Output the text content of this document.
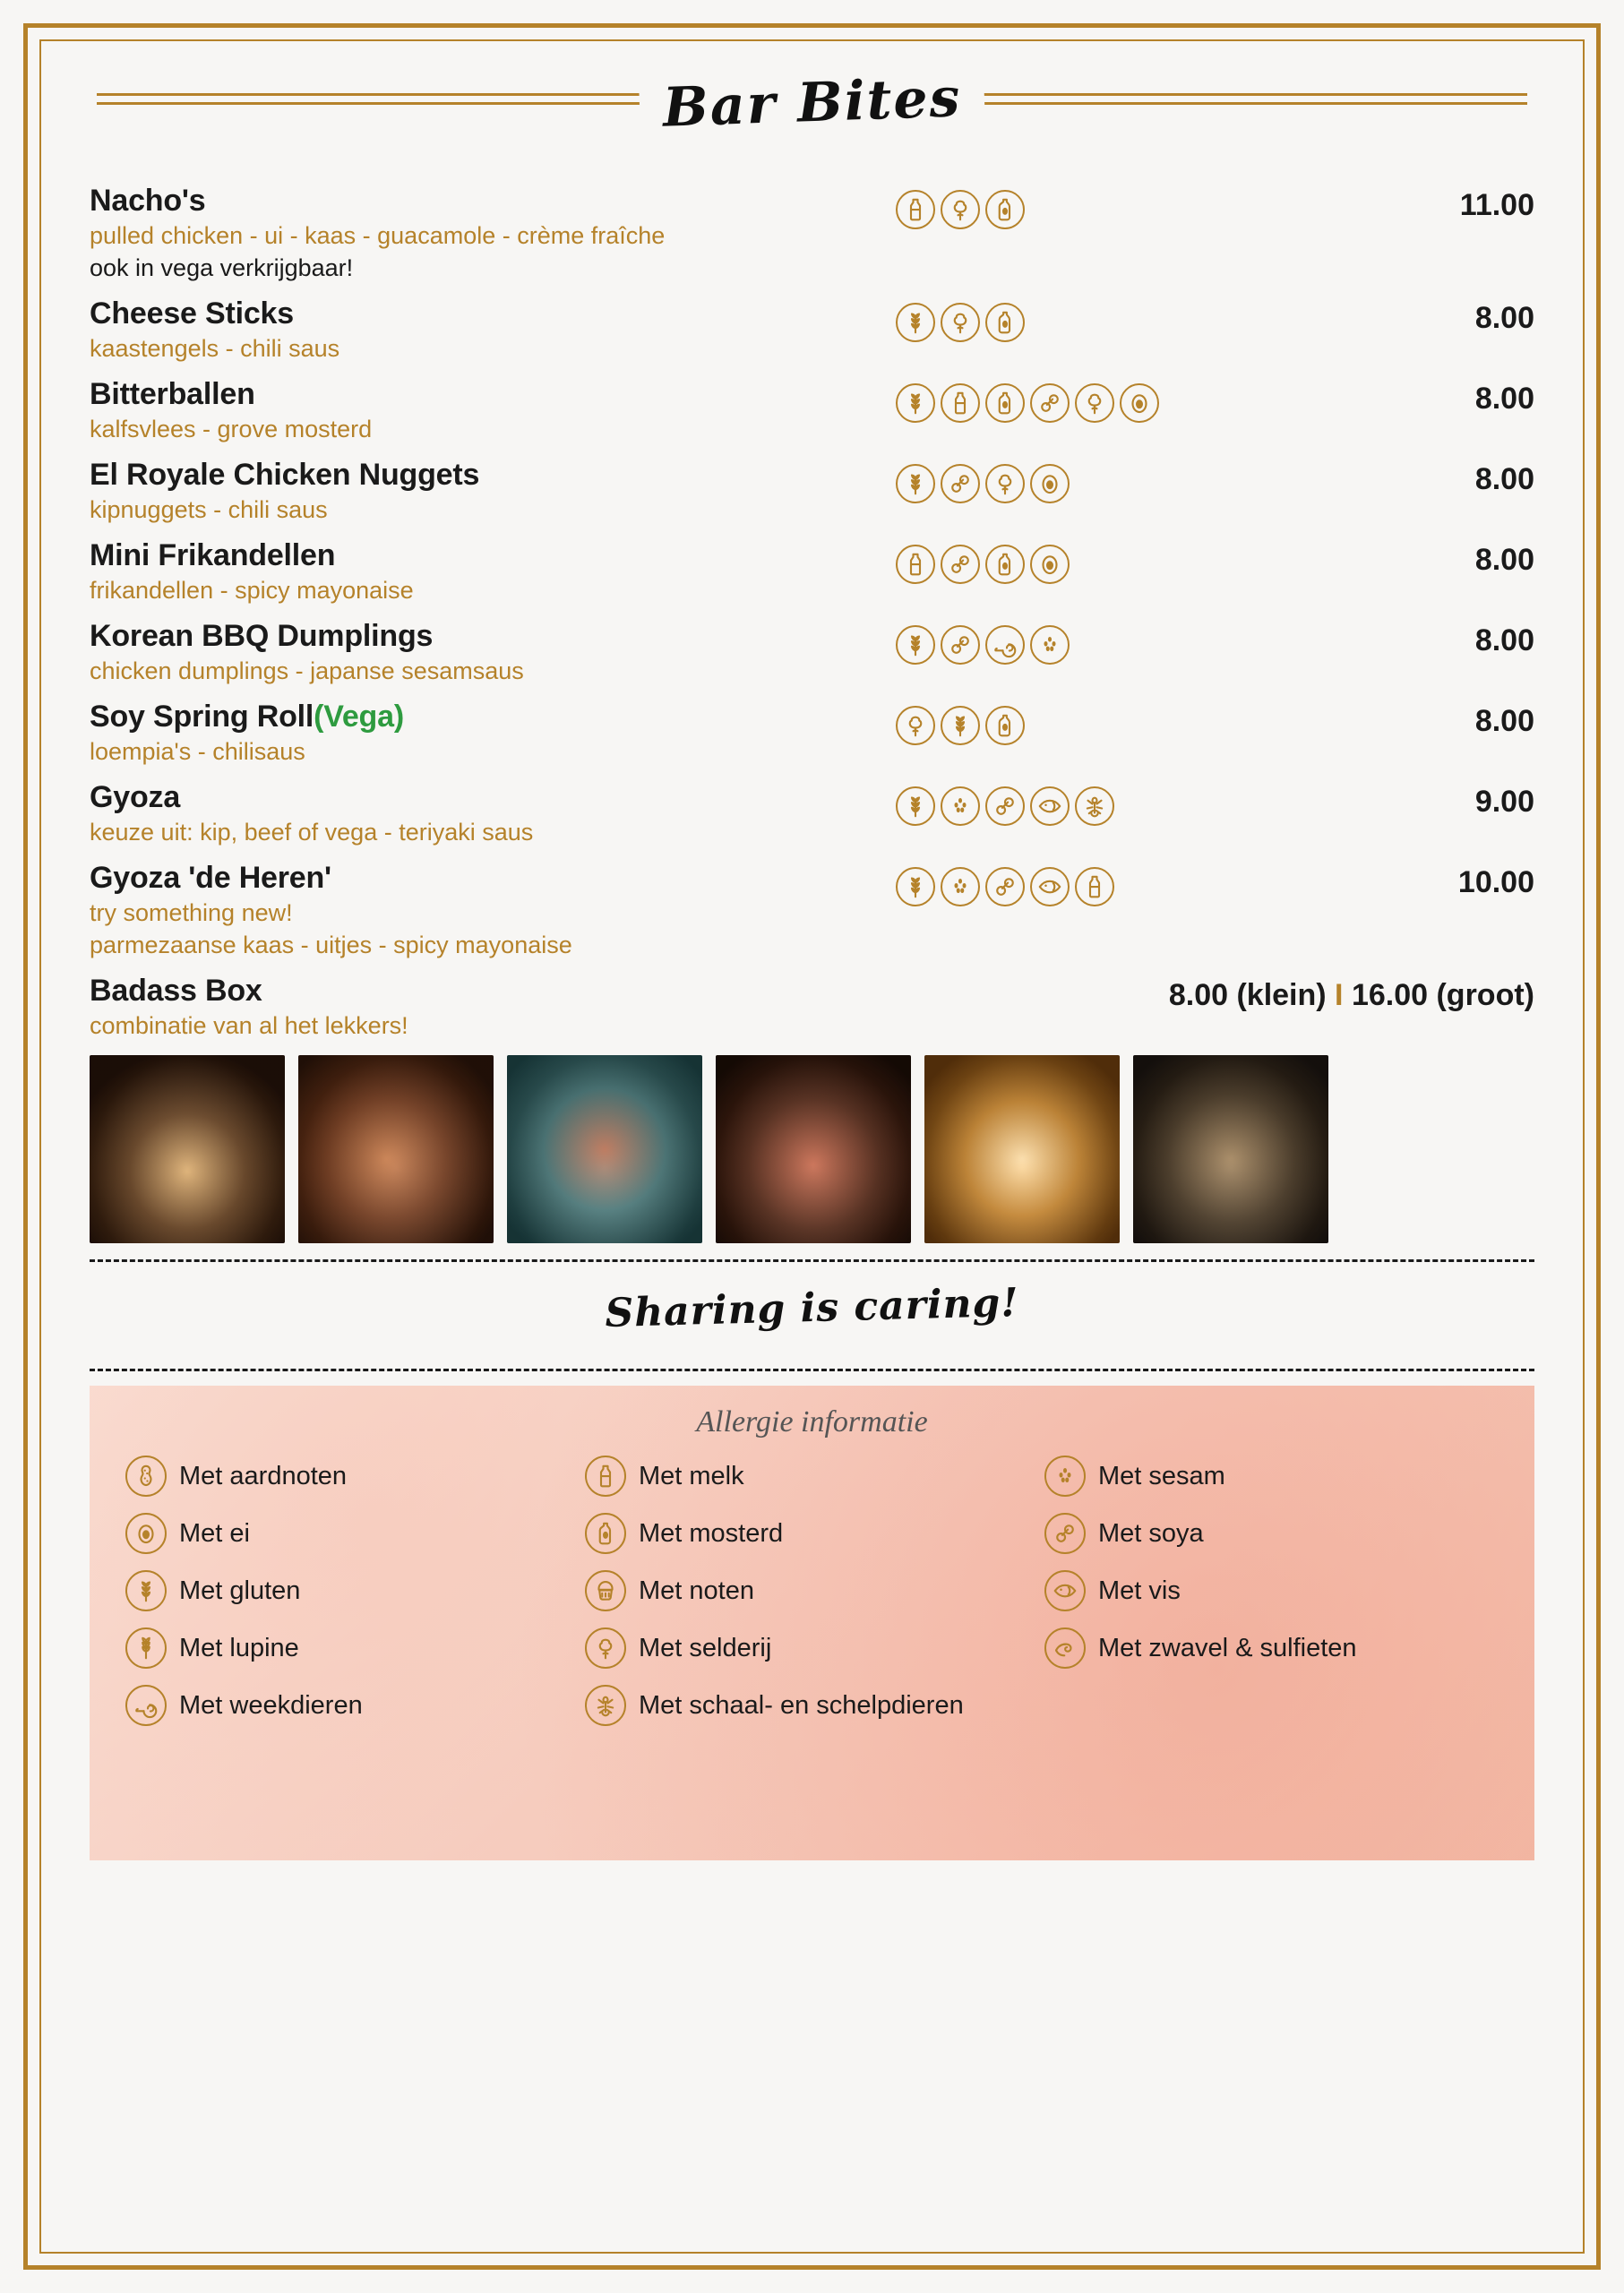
Bar Bites
Nacho's
pulled chicken - ui - kaas - guacamole - crème fraîche
ook in vega verkrijgbaar!
11.00
Cheese Sticks
kaastengels - chili saus
8.00
Bitterballen
kalfsvlees - grove mosterd
8.00
El Royale Chicken Nuggets
kipnuggets - chili saus
8.00
Mini Frikandellen
frikandellen - spicy mayonaise
8.00
Korean BBQ Dumplings
chicken dumplings - japanse sesamsaus
8.00
Soy Spring Roll(Vega)
loempia's - chilisaus
8.00
Gyoza
keuze uit: kip, beef of vega - teriyaki saus
9.00
Gyoza 'de Heren'
try something new!
parmezaanse kaas - uitjes - spicy mayonaise
10.00
Badass Box
combinatie van al het lekkers!
8.00 (klein) I 16.00 (groot)
Sharing is caring!
Allergie informatie
Met aardnoten	Met melk	Met sesam
Met ei	Met mosterd	Met soya
Met gluten	Met noten	Met vis
Met lupine	Met selderij	Met zwavel & sulfieten
Met weekdieren	Met schaal- en schelpdieren
